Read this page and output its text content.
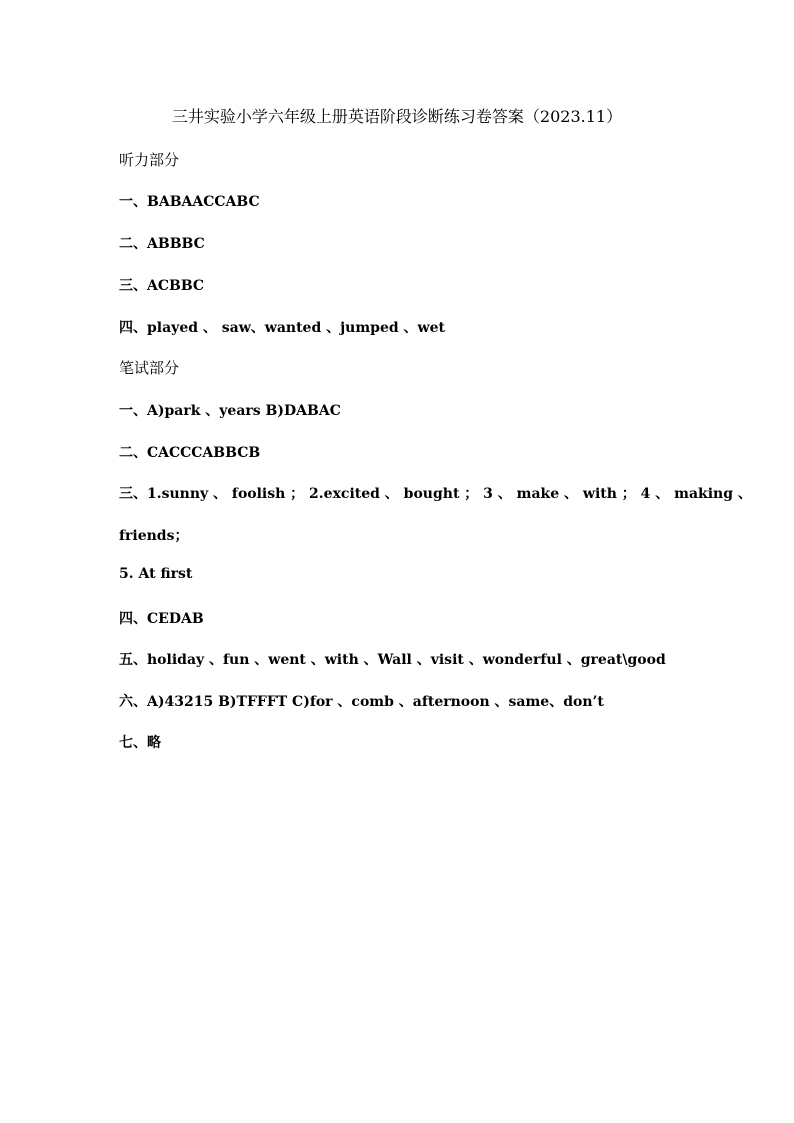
三井实验小学六年级上册英语阶段诊断练习卷答案（2023.11）
听力部分
一、BABAACCABC
二、ABBBC
三、ACBBC
四、played 、 saw、wanted 、jumped 、wet
笔试部分
一、A)park 、years B)DABAC
二、CACCCABBCB
三、1.sunny 、 foolish ； 2.excited 、 bought ； 3 、 make 、 with ； 4 、 making 、
friends；
5. At first
四、CEDAB
五、holiday 、fun 、went 、with 、Wall 、visit 、wonderful 、great\good
六、A)43215 B)TFFFT C)for 、comb 、afternoon 、same、don’t
七、略
